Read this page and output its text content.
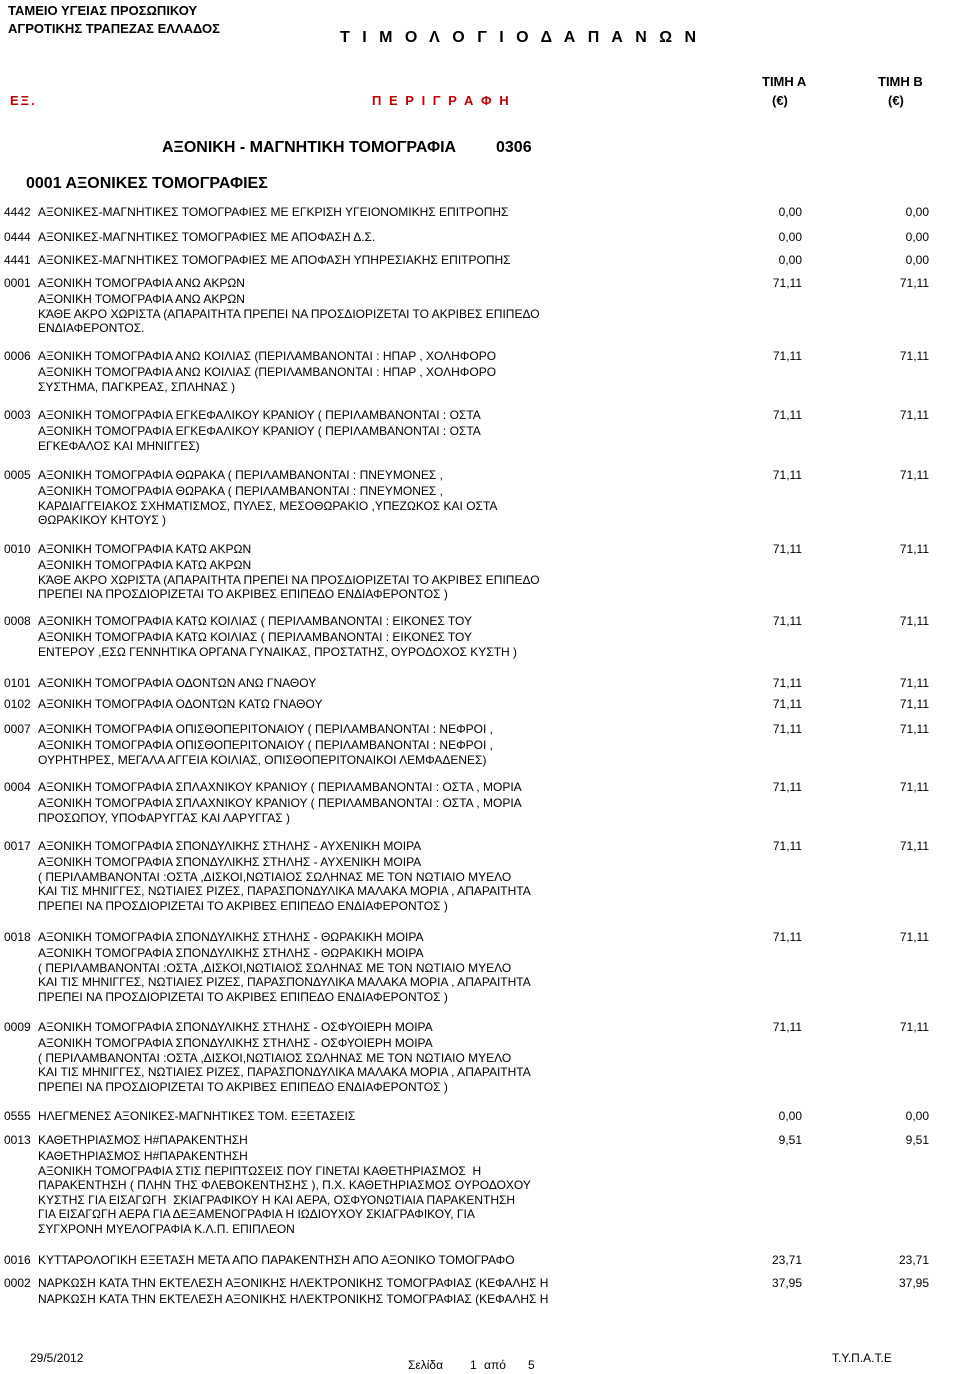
ΤΑΜΕΙΟ ΥΓΕΙΑΣ ΠΡΟΣΩΠΙΚΟΥ
ΑΓΡΟΤΙΚΗΣ ΤΡΑΠΕΖΑΣ ΕΛΛΑΔΟΣ
Τ Ι Μ Ο Λ Ο Γ Ι Ο Δ Α Π Α Ν Ω Ν
ΤΙΜΗ Α	ΤΙΜΗ Β
ΕΞ.	Π Ε Ρ Ι Γ Ρ Α Φ Η	(€)	(€)
ΑΞΟΝΙΚΗ - ΜΑΓΝΗΤΙΚΗ ΤΟΜΟΓΡΑΦΙΑ 0306
0001 ΑΞΟΝΙΚΕΣ ΤΟΜΟΓΡΑΦΙΕΣ
4442 ΑΞΟΝΙΚΕΣ-ΜΑΓΝΗΤΙΚΕΣ ΤΟΜΟΓΡΑΦΙΕΣ ΜΕ ΕΓΚΡΙΣΗ ΥΓΕΙΟΝΟΜΙΚΗΣ ΕΠΙΤΡΟΠΗΣ	0,00	0,00
0444 ΑΞΟΝΙΚΕΣ-ΜΑΓΝΗΤΙΚΕΣ ΤΟΜΟΓΡΑΦΙΕΣ ΜΕ ΑΠΟΦΑΣΗ Δ.Σ.	0,00	0,00
4441 ΑΞΟΝΙΚΕΣ-ΜΑΓΝΗΤΙΚΕΣ ΤΟΜΟΓΡΑΦΙΕΣ ΜΕ ΑΠΟΦΑΣΗ ΥΠΗΡΕΣΙΑΚΗΣ ΕΠΙΤΡΟΠΗΣ	0,00	0,00
0001 ΑΞΟΝΙΚΗ ΤΟΜΟΓΡΑΦΙΑ ΑΝΩ ΑΚΡΩΝ	71,11	71,11
ΑΞΟΝΙΚΗ ΤΟΜΟΓΡΑΦΙΑ ΑΝΩ ΑΚΡΩΝ
ΚΆΘΕ ΑΚΡΟ ΧΩΡΙΣΤΑ (ΑΠΑΡΑΙΤΗΤΑ ΠΡΕΠΕΙ ΝΑ ΠΡΟΣΔΙΟΡΙΖΕΤΑΙ ΤΟ ΑΚΡΙΒΕΣ ΕΠΙΠΕΔΟ
ΕΝΔΙΑΦΕΡΟΝΤΟΣ.
0006 ΑΞΟΝΙΚΗ ΤΟΜΟΓΡΑΦΙΑ ΑΝΩ ΚΟΙΛΙΑΣ (ΠΕΡΙΛΑΜΒΑΝΟΝΤΑΙ : ΗΠΑΡ , ΧΟΛΗΦΟΡΟ	71,11	71,11
ΑΞΟΝΙΚΗ ΤΟΜΟΓΡΑΦΙΑ ΑΝΩ ΚΟΙΛΙΑΣ (ΠΕΡΙΛΑΜΒΑΝΟΝΤΑΙ : ΗΠΑΡ , ΧΟΛΗΦΟΡΟ
ΣΥΣΤΗΜΑ, ΠΑΓΚΡΕΑΣ, ΣΠΛΗΝΑΣ )
0003 ΑΞΟΝΙΚΗ ΤΟΜΟΓΡΑΦΙΑ ΕΓΚΕΦΑΛΙΚΟΥ ΚΡΑΝΙΟΥ ( ΠΕΡΙΛΑΜΒΑΝΟΝΤΑΙ : ΟΣΤΑ	71,11	71,11
ΑΞΟΝΙΚΗ ΤΟΜΟΓΡΑΦΙΑ ΕΓΚΕΦΑΛΙΚΟΥ ΚΡΑΝΙΟΥ ( ΠΕΡΙΛΑΜΒΑΝΟΝΤΑΙ : ΟΣΤΑ
ΕΓΚΕΦΑΛΟΣ ΚΑΙ ΜΗΝΙΓΓΕΣ)
0005 ΑΞΟΝΙΚΗ ΤΟΜΟΓΡΑΦΙΑ ΘΩΡΑΚΑ ( ΠΕΡΙΛΑΜΒΑΝΟΝΤΑΙ : ΠΝΕΥΜΟΝΕΣ ,	71,11	71,11
ΑΞΟΝΙΚΗ ΤΟΜΟΓΡΑΦΙΑ ΘΩΡΑΚΑ ( ΠΕΡΙΛΑΜΒΑΝΟΝΤΑΙ : ΠΝΕΥΜΟΝΕΣ ,
ΚΑΡΔΙΑΓΓΕΙΑΚΟΣ ΣΧΗΜΑΤΙΣΜΟΣ, ΠΥΛΕΣ, ΜΕΣΟΘΩΡΑΚΙΟ ,ΥΠΕΖΩΚΟΣ ΚΑΙ ΟΣΤΑ
ΘΩΡΑΚΙΚΟΥ ΚΗΤΟΥΣ )
0010 ΑΞΟΝΙΚΗ ΤΟΜΟΓΡΑΦΙΑ ΚΑΤΩ ΑΚΡΩΝ	71,11	71,11
ΑΞΟΝΙΚΗ ΤΟΜΟΓΡΑΦΙΑ ΚΑΤΩ ΑΚΡΩΝ
ΚΆΘΕ ΑΚΡΟ ΧΩΡΙΣΤΑ (ΑΠΑΡΑΙΤΗΤΑ ΠΡΕΠΕΙ ΝΑ ΠΡΟΣΔΙΟΡΙΖΕΤΑΙ ΤΟ ΑΚΡΙΒΕΣ ΕΠΙΠΕΔΟ
ΠΡΕΠΕΙ ΝΑ ΠΡΟΣΔΙΟΡΙΖΕΤΑΙ ΤΟ ΑΚΡΙΒΕΣ ΕΠΙΠΕΔΟ ΕΝΔΙΑΦΕΡΟΝΤΟΣ )
0008 ΑΞΟΝΙΚΗ ΤΟΜΟΓΡΑΦΙΑ ΚΑΤΩ ΚΟΙΛΙΑΣ ( ΠΕΡΙΛΑΜΒΑΝΟΝΤΑΙ : ΕΙΚΟΝΕΣ ΤΟΥ	71,11	71,11
ΑΞΟΝΙΚΗ ΤΟΜΟΓΡΑΦΙΑ ΚΑΤΩ ΚΟΙΛΙΑΣ ( ΠΕΡΙΛΑΜΒΑΝΟΝΤΑΙ : ΕΙΚΟΝΕΣ ΤΟΥ
ΕΝΤΕΡΟΥ ,ΕΣΩ ΓΕΝΝΗΤΙΚΑ ΟΡΓΑΝΑ ΓΥΝΑΙΚΑΣ, ΠΡΟΣΤΑΤΗΣ, ΟΥΡΟΔΟΧΟΣ ΚΥΣΤΗ )
0101 ΑΞΟΝΙΚΗ ΤΟΜΟΓΡΑΦΙΑ ΟΔΟΝΤΩΝ ΑΝΩ ΓΝΑΘΟΥ	71,11	71,11
0102 ΑΞΟΝΙΚΗ ΤΟΜΟΓΡΑΦΙΑ ΟΔΟΝΤΩΝ ΚΑΤΩ ΓΝΑΘΟΥ	71,11	71,11
0007 ΑΞΟΝΙΚΗ ΤΟΜΟΓΡΑΦΙΑ ΟΠΙΣΘΟΠΕΡΙΤΟΝΑΙΟΥ ( ΠΕΡΙΛΑΜΒΑΝΟΝΤΑΙ : ΝΕΦΡΟΙ ,	71,11	71,11
ΑΞΟΝΙΚΗ ΤΟΜΟΓΡΑΦΙΑ ΟΠΙΣΘΟΠΕΡΙΤΟΝΑΙΟΥ ( ΠΕΡΙΛΑΜΒΑΝΟΝΤΑΙ : ΝΕΦΡΟΙ ,
ΟΥΡΗΤΗΡΕΣ, ΜΕΓΑΛΑ ΑΓΓΕΙΑ ΚΟΙΛΙΑΣ, ΟΠΙΣΘΟΠΕΡΙΤΟΝΑΙΚΟΙ ΛΕΜΦΑΔΕΝΕΣ)
0004 ΑΞΟΝΙΚΗ ΤΟΜΟΓΡΑΦΙΑ ΣΠΛΑΧΝΙΚΟΥ ΚΡΑΝΙΟΥ ( ΠΕΡΙΛΑΜΒΑΝΟΝΤΑΙ : ΟΣΤΑ , ΜΟΡΙΑ	71,11	71,11
ΑΞΟΝΙΚΗ ΤΟΜΟΓΡΑΦΙΑ ΣΠΛΑΧΝΙΚΟΥ ΚΡΑΝΙΟΥ ( ΠΕΡΙΛΑΜΒΑΝΟΝΤΑΙ : ΟΣΤΑ , ΜΟΡΙΑ
ΠΡΟΣΩΠΟΥ, ΥΠΟΦΑΡΥΓΓΑΣ ΚΑΙ ΛΑΡΥΓΓΑΣ )
0017 ΑΞΟΝΙΚΗ ΤΟΜΟΓΡΑΦΙΑ ΣΠΟΝΔΥΛΙΚΗΣ ΣΤΗΛΗΣ - ΑΥΧΕΝΙΚΗ ΜΟΙΡΑ	71,11	71,11
ΑΞΟΝΙΚΗ ΤΟΜΟΓΡΑΦΙΑ ΣΠΟΝΔΥΛΙΚΗΣ ΣΤΗΛΗΣ - ΑΥΧΕΝΙΚΗ ΜΟΙΡΑ
( ΠΕΡΙΛΑΜΒΑΝΟΝΤΑΙ :ΟΣΤΑ ,ΔΙΣΚΟΙ,ΝΩΤΙΑΙΟΣ ΣΩΛΗΝΑΣ ΜΕ ΤΟΝ ΝΩΤΙΑΙΟ ΜΥΕΛΟ
ΚΑΙ ΤΙΣ ΜΗΝΙΓΓΕΣ, ΝΩΤΙΑΙΕΣ ΡΙΖΕΣ, ΠΑΡΑΣΠΟΝΔΥΛΙΚΑ ΜΑΛΑΚΑ ΜΟΡΙΑ , ΑΠΑΡΑΙΤΗΤΑ
ΠΡΕΠΕΙ ΝΑ ΠΡΟΣΔΙΟΡΙΖΕΤΑΙ ΤΟ ΑΚΡΙΒΕΣ ΕΠΙΠΕΔΟ ΕΝΔΙΑΦΕΡΟΝΤΟΣ )
0018 ΑΞΟΝΙΚΗ ΤΟΜΟΓΡΑΦΙΑ ΣΠΟΝΔΥΛΙΚΗΣ ΣΤΗΛΗΣ - ΘΩΡΑΚΙΚΗ ΜΟΙΡΑ	71,11	71,11
ΑΞΟΝΙΚΗ ΤΟΜΟΓΡΑΦΙΑ ΣΠΟΝΔΥΛΙΚΗΣ ΣΤΗΛΗΣ - ΘΩΡΑΚΙΚΗ ΜΟΙΡΑ
( ΠΕΡΙΛΑΜΒΑΝΟΝΤΑΙ :ΟΣΤΑ ,ΔΙΣΚΟΙ,ΝΩΤΙΑΙΟΣ ΣΩΛΗΝΑΣ ΜΕ ΤΟΝ ΝΩΤΙΑΙΟ ΜΥΕΛΟ
ΚΑΙ ΤΙΣ ΜΗΝΙΓΓΕΣ, ΝΩΤΙΑΙΕΣ ΡΙΖΕΣ, ΠΑΡΑΣΠΟΝΔΥΛΙΚΑ ΜΑΛΑΚΑ ΜΟΡΙΑ , ΑΠΑΡΑΙΤΗΤΑ
ΠΡΕΠΕΙ ΝΑ ΠΡΟΣΔΙΟΡΙΖΕΤΑΙ ΤΟ ΑΚΡΙΒΕΣ ΕΠΙΠΕΔΟ ΕΝΔΙΑΦΕΡΟΝΤΟΣ )
0009 ΑΞΟΝΙΚΗ ΤΟΜΟΓΡΑΦΙΑ ΣΠΟΝΔΥΛΙΚΗΣ ΣΤΗΛΗΣ - ΟΣΦΥΟΙΕΡΗ ΜΟΙΡΑ	71,11	71,11
ΑΞΟΝΙΚΗ ΤΟΜΟΓΡΑΦΙΑ ΣΠΟΝΔΥΛΙΚΗΣ ΣΤΗΛΗΣ - ΟΣΦΥΟΙΕΡΗ ΜΟΙΡΑ
( ΠΕΡΙΛΑΜΒΑΝΟΝΤΑΙ :ΟΣΤΑ ,ΔΙΣΚΟΙ,ΝΩΤΙΑΙΟΣ ΣΩΛΗΝΑΣ ΜΕ ΤΟΝ ΝΩΤΙΑΙΟ ΜΥΕΛΟ
ΚΑΙ ΤΙΣ ΜΗΝΙΓΓΕΣ, ΝΩΤΙΑΙΕΣ ΡΙΖΕΣ, ΠΑΡΑΣΠΟΝΔΥΛΙΚΑ ΜΑΛΑΚΑ ΜΟΡΙΑ , ΑΠΑΡΑΙΤΗΤΑ
ΠΡΕΠΕΙ ΝΑ ΠΡΟΣΔΙΟΡΙΖΕΤΑΙ ΤΟ ΑΚΡΙΒΕΣ ΕΠΙΠΕΔΟ ΕΝΔΙΑΦΕΡΟΝΤΟΣ )
0555 ΗΛΕΓΜΕΝΕΣ ΑΞΟΝΙΚΕΣ-ΜΑΓΝΗΤΙΚΕΣ ΤΟΜ. ΕΞΕΤΑΣΕΙΣ	0,00	0,00
0013 ΚΑΘΕΤΗΡΙΑΣΜΟΣ Η#ΠΑΡΑΚΕΝΤΗΣΗ	9,51	9,51
ΚΑΘΕΤΗΡΙΑΣΜΟΣ Η#ΠΑΡΑΚΕΝΤΗΣΗ
ΑΞΟΝΙΚΗ ΤΟΜΟΓΡΑΦΙΑ ΣΤΙΣ ΠΕΡΙΠΤΩΣΕΙΣ ΠΟΥ ΓΙΝΕΤΑΙ ΚΑΘΕΤΗΡΙΑΣΜΟΣ  Η
ΠΑΡΑΚΕΝΤΗΣΗ ( ΠΛΗΝ ΤΗΣ ΦΛΕΒΟΚΕΝΤΗΣΗΣ ), Π.Χ. ΚΑΘΕΤΗΡΙΑΣΜΟΣ ΟΥΡΟΔΟΧΟΥ
ΚΥΣΤΗΣ ΓΙΑ ΕΙΣΑΓΩΓΗ  ΣΚΙΑΓΡΑΦΙΚΟΥ Η ΚΑΙ ΑΕΡΑ, ΟΣΦΥΟΝΩΤΙΑΙΑ ΠΑΡΑΚΕΝΤΗΣΗ
ΓΙΑ ΕΙΣΑΓΩΓΗ ΑΕΡΑ ΓΙΑ ΔΕΞΑΜΕΝΟΓΡΑΦΙΑ Η ΙΩΔΙΟΥΧΟΥ ΣΚΙΑΓΡΑΦΙΚΟΥ, ΓΙΑ
ΣΥΓΧΡΟΝΗ ΜΥΕΛΟΓΡΑΦΙΑ Κ.Λ.Π. ΕΠΙΠΛΕΟΝ
0016 ΚΥΤΤΑΡΟΛΟΓΙΚΗ ΕΞΕΤΑΣΗ ΜΕΤΑ ΑΠΟ ΠΑΡΑΚΕΝΤΗΣΗ ΑΠΟ ΑΞΟΝΙΚΟ ΤΟΜΟΓΡΑΦΟ	23,71	23,71
0002 ΝΑΡΚΩΣΗ ΚΑΤΑ ΤΗΝ ΕΚΤΕΛΕΣΗ ΑΞΟΝΙΚΗΣ ΗΛΕΚΤΡΟΝΙΚΗΣ ΤΟΜΟΓΡΑΦΙΑΣ (ΚΕΦΑΛΗΣ Η	37,95	37,95
ΝΑΡΚΩΣΗ ΚΑΤΑ ΤΗΝ ΕΚΤΕΛΕΣΗ ΑΞΟΝΙΚΗΣ ΗΛΕΚΤΡΟΝΙΚΗΣ ΤΟΜΟΓΡΑΦΙΑΣ (ΚΕΦΑΛΗΣ Η
29/5/2012	Σελίδα 1 από 5	Τ.Υ.Π.Α.Τ.Ε
